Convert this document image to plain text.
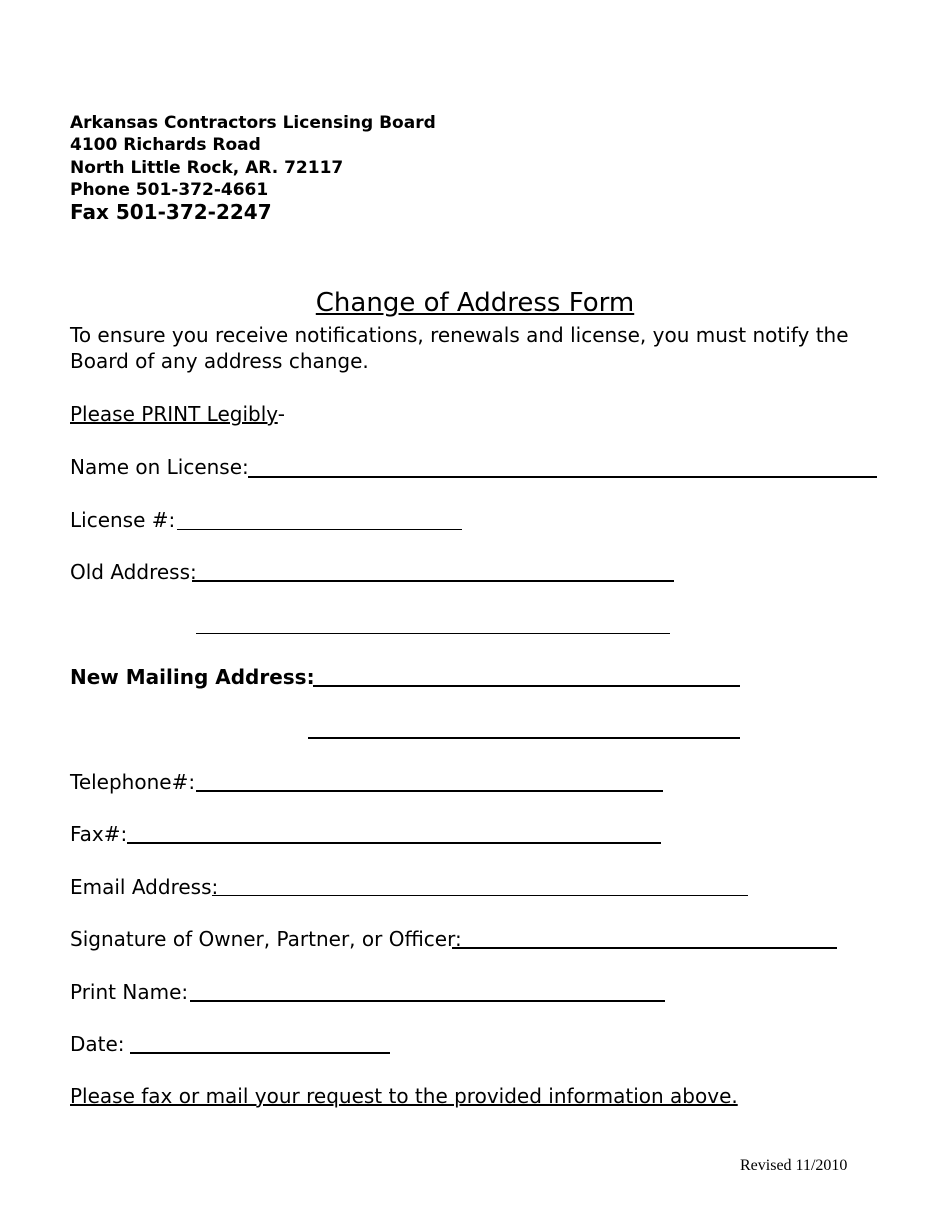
Arkansas Contractors Licensing Board
4100 Richards Road
North Little Rock, AR. 72117
Phone 501-372-4661
Fax 501-372-2247
Change of Address Form
To ensure you receive notifications, renewals and license, you must notify the Board of any address change.
Please PRINT Legibly-
Name on License:
License #:
Old Address:
New Mailing Address:
Telephone#:
Fax#:
Email Address:
Signature of Owner, Partner, or Officer:
Print Name:
Date:
Please fax or mail your request to the provided information above.
Revised 11/2010
